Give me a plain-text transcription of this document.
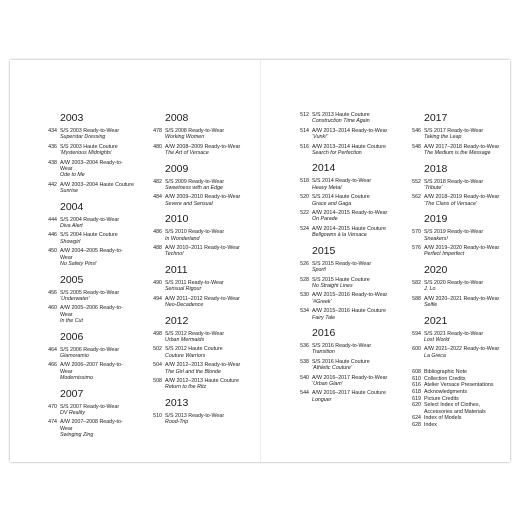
2003
434 S/S 2003 Ready-to-Wear
Superstar Dressing
436 S/S 2003 Haute Couture
‘Mysterious Midnights’
438 A/W 2003–2004 Ready-to-Wear
Ode to Me
442 A/W 2003–2004 Haute Couture
Sunrise
2004
444 S/S 2004 Ready-to-Wear
Diva Alert
446 S/S 2004 Haute Couture
Showgirl
450 A/W 2004–2005 Ready-to-Wear
No Safety Pins!
2005
456 S/S 2005 Ready-to-Wear
‘Underwater’
460 A/W 2005–2006 Ready-to-Wear
In the Cut
2006
464 S/S 2006 Ready-to-Wear
Glamoramio
466 A/W 2006–2007 Ready-to-Wear
Modernissimo
2007
470 S/S 2007 Ready-to-Wear
DV Reality
474 A/W 2007–2008 Ready-to-Wear
Swinging Zing
2008
478 S/S 2008 Ready-to-Wear
Working Women
480 A/W 2008–2009 Ready-to-Wear
The Art of Versace
2009
482 S/S 2009 Ready-to-Wear
Sweetness with an Edge
484 A/W 2009–2010 Ready-to-Wear
Severe and Sensual
2010
486 S/S 2010 Ready-to-Wear
In Wonderland
488 A/W 2010–2011 Ready-to-Wear
Techno!
2011
490 S/S 2011 Ready-to-Wear
Sensual Rigour
494 A/W 2011–2012 Ready-to-Wear
Neo-Decadence
2012
498 S/S 2012 Ready-to-Wear
Urban Mermaids
502 S/S 2012 Haute Couture
Couture Warriors
504 A/W 2012–2013 Ready-to-Wear
The Girl and the Blonde
508 A/W 2012–2013 Haute Couture
Return to the Ritz
2013
510 S/S 2013 Ready-to-Wear
Rood-Trip
512 S/S 2013 Haute Couture
Construction Time Again
514 A/W 2013–2014 Ready-to-Wear
‘Vunk!’
516 A/W 2013–2014 Haute Couture
Search for Perfection
2014
518 S/S 2014 Ready-to-Wear
Heavy Metal
520 S/S 2014 Haute Couture
Grace and Gaga
522 A/W 2014–2015 Ready-to-Wear
On Parade
524 A/W 2014–2015 Haute Couture
Bellgowns à la Versace
2015
526 S/S 2015 Ready-to-Wear
Sport!
528 S/S 2015 Haute Couture
No Straight Lines
530 A/W 2015–2016 Ready-to-Wear
‘#Greek’
534 A/W 2015–2016 Haute Couture
Fairy Tale
2016
536 S/S 2016 Ready-to-Wear
Transition
538 S/S 2016 Haute Couture
‘Athletic Couture’
540 A/W 2016–2017 Ready-to-Wear
‘Urban Glam’
544 A/W 2016–2017 Haute Couture
Longuer
2017
546 S/S 2017 Ready-to-Wear
Taking the Leap
548 A/W 2017–2018 Ready-to-Wear
The Medium is the Message
2018
552 S/S 2018 Ready-to-Wear
‘Tribute’
562 A/W 2018–2019 Ready-to-Wear
‘The Clans of Versace’
2019
570 S/S 2019 Ready-to-Wear
Sneakers!
576 A/W 2019–2020 Ready-to-Wear
Perfect Imperfect
2020
582 S/S 2020 Ready-to-Wear
J. Lo
588 A/W 2020–2021 Ready-to-Wear
Selfie
2021
594 S/S 2021 Ready-to-Wear
Lost World
600 A/W 2021–2022 Ready-to-Wear
La Greca
608 Bibliographic Note
610 Collection Credits
616 Atelier Versace Presentations
618 Acknowledgments
619 Picture Credits
620 Select Index of Clothes,
Accessories and Materials
624 Index of Models
628 Index
